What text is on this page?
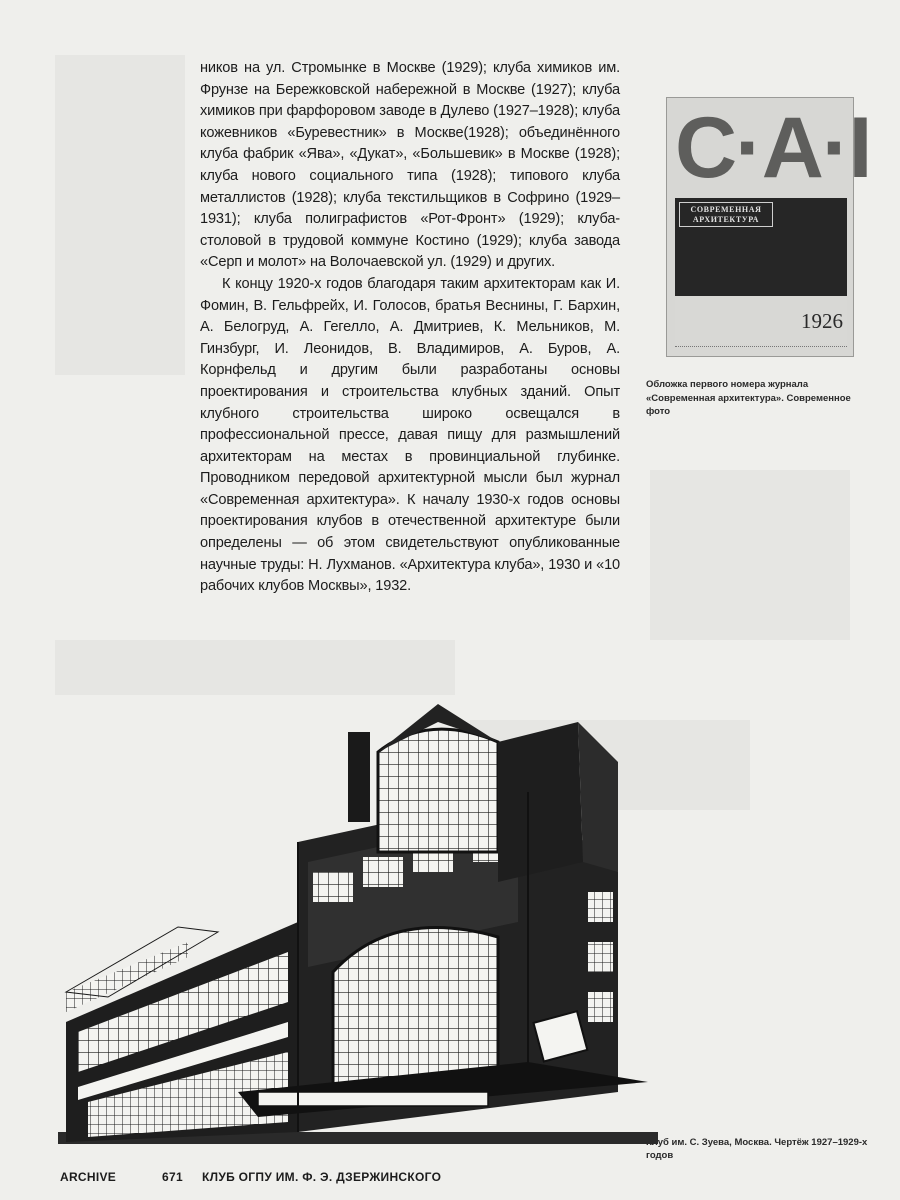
ников на ул. Стромынке в Москве (1929); клуба химиков им. Фрунзе на Бережковской набережной в Москве (1927); клуба химиков при фарфоровом заводе в Дулево (1927–1928); клуба кожевников «Буревестник» в Москве(1928); объединённого клуба фабрик «Ява», «Дукат», «Большевик» в Москве (1928); клуба нового социального типа (1928); типового клуба металлистов (1928); клуба текстильщиков в Софрино (1929–1931); клуба полиграфистов «Рот-Фронт» (1929); клуба-столовой в трудовой коммуне Костино (1929); клуба завода «Серп и молот» на Волочаевской ул. (1929) и других.

К концу 1920-х годов благодаря таким архитекторам как И. Фомин, В. Гельфрейх, И. Голосов, братья Веснины, Г. Бархин, А. Белогруд, А. Гегелло, А. Дмитриев, К. Мельников, М. Гинзбург, И. Леонидов, В. Владимиров, А. Буров, А. Корнфельд и другим были разработаны основы проектирования и строительства клубных зданий. Опыт клубного строительства широко освещался в профессиональной прессе, давая пищу для размышлений архитекторам на местах в провинциальной глубинке. Проводником передовой архитектурной мысли был журнал «Современная архитектура». К началу 1930-х годов основы проектирования клубов в отечественной архитектуре были определены — об этом свидетельствуют опубликованные научные труды: Н. Лухманов. «Архитектура клуба», 1930 и «10 рабочих клубов Москвы», 1932.

С·А·І
СОВРЕМЕННАЯ
АРХИТЕКТУРА
1926
Обложка первого номера журнала «Современная архитектура». Современное фото
Клуб им. С. Зуева, Москва. Чертёж 1927–1929-х годов
ARCHIVE	671 КЛУБ ОГПУ ИМ. Ф. Э. ДЗЕРЖИНСКОГО
